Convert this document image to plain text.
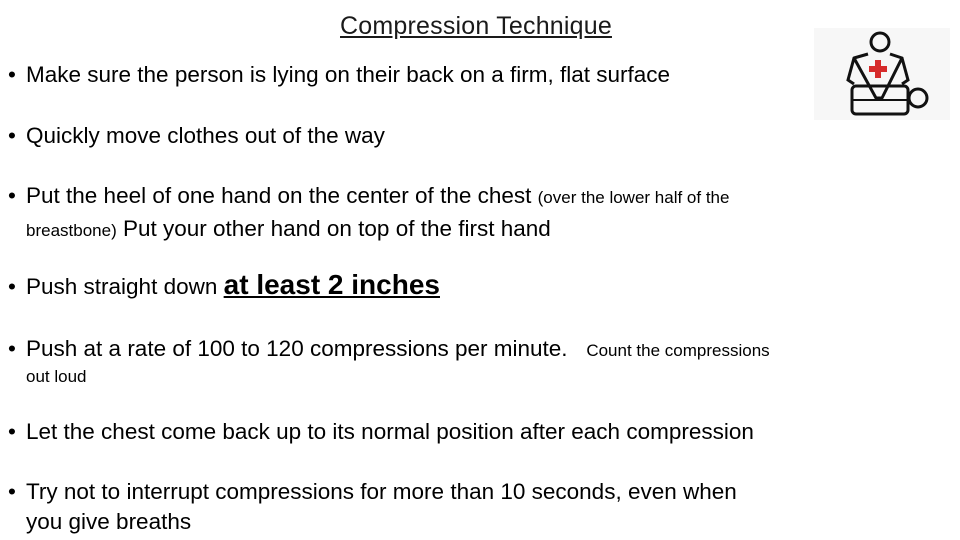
Compression Technique
• Make sure the person is lying on their back on a firm, flat surface
• Quickly move clothes out of the way
• Put the heel of one hand on the center of the chest (over the lower half of the
breastbone) Put your other hand on top of the first hand
• Push straight down at least 2 inches
• Push at a rate of 100 to 120 compressions per minute. Count the compressions
out loud
• Let the chest come back up to its normal position after each compression
• Try not to interrupt compressions for more than 10 seconds, even when
you give breaths
